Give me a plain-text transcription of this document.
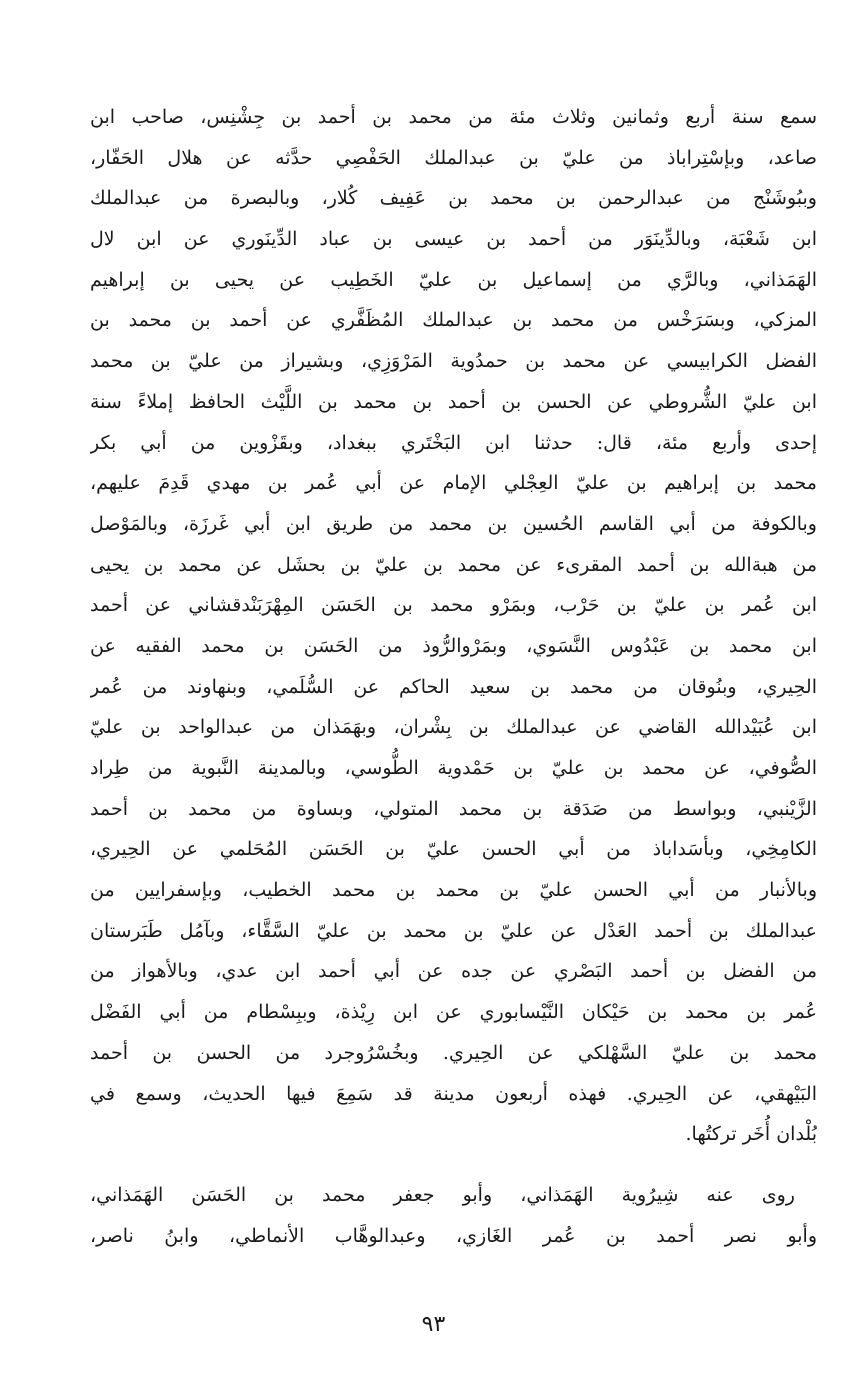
سمع سنة أربع وثمانين وثلاث مئة من محمد بن أحمد بن جِشْنِس، صاحب ابن
صاعد، وبإسْتِراباذ من عليّ بن عبدالملك الحَفْصِي حدَّثه عن هلال الحَفّار،
وببُوشَنْج من عبدالرحمن بن محمد بن عَفِيف كُلار، وبالبصرة من عبدالملك
ابن شَعْبَة، وبالدِّينَوَر من أحمد بن عيسى بن عباد الدِّينَوري عن ابن لال
الهَمَذاني، وبالرَّي من إسماعيل بن عليّ الخَطِيب عن يحيى بن إبراهيم
المزكي، وبسَرَخْس من محمد بن عبدالملك المُظَفَّري عن أحمد بن محمد بن
الفضل الكرابيسي عن محمد بن حمدُوية المَرْوَزِي، وبشيراز من عليّ بن محمد
ابن عليّ الشُّروطي عن الحسن بن أحمد بن محمد بن اللَّيْث الحافظ إملاءً سنة
إحدى وأربع مئة، قال: حدثنا ابن البَخْتَري ببغداد، وبقَزْوين من أبي بكر
محمد بن إبراهيم بن عليّ العِجْلي الإمام عن أبي عُمر بن مهدي قَدِمَ عليهم،
وبالكوفة من أبي القاسم الحُسين بن محمد من طريق ابن أبي غَرزَة، وبالمَوْصل
من هبةالله بن أحمد المقرىء عن محمد بن عليّ بن بحشَل عن محمد بن يحيى
ابن عُمر بن عليّ بن حَرْب، وبمَرْو محمد بن الحَسَن المِهْرَبَنْدقشاني عن أحمد
ابن محمد بن عَبْدُوس النَّسَوي، وبمَرْوالرُّوذ من الحَسَن بن محمد الفقيه عن
الحِيري، وبنُوقان من محمد بن سعيد الحاكم عن السُّلَمي، وبنهاوند من عُمر
ابن عُبَيْدالله القاضي عن عبدالملك بن بِشْران، وبهَمَذان من عبدالواحد بن عليّ
الصُّوفي، عن محمد بن عليّ بن حَمْدوية الطُّوسي، وبالمدينة النَّبوية من طِراد
الزَّيْنبي، وبواسط من صَدَقة بن محمد المتولي، وبساوة من محمد بن أحمد
الكامِخِي، وبأسَداباذ من أبي الحسن عليّ بن الحَسَن المُحَلمي عن الحِيري،
وبالأنبار من أبي الحسن عليّ بن محمد بن محمد الخطيب، وبإسفرايين من
عبدالملك بن أحمد العَدْل عن عليّ بن محمد بن عليّ السَّقَّاء، وبآمُل طَبَرستان
من الفضل بن أحمد البَصْري عن جده عن أبي أحمد ابن عدي، وبالأهواز من
عُمر بن محمد بن حَيْكان النَّيْسابوري عن ابن رِيْذة، وببِسْطام من أبي الفَضْل
محمد بن عليّ السَّهْلكي عن الحِيري. وبخُسْرُوجرد من الحسن بن أحمد
البَيْهقي، عن الحِيري. فهذه أربعون مدينة قد سَمِعَ فيها الحديث، وسمع في
بُلْدان أُخَر تركتُها.
روى عنه شِيرُوية الهَمَذاني، وأبو جعفر محمد بن الحَسَن الهَمَذاني،
وأبو نصر أحمد بن عُمر الغَازي، وعبدالوهَّاب الأنماطي، وابنُ ناصر،
٩٣
